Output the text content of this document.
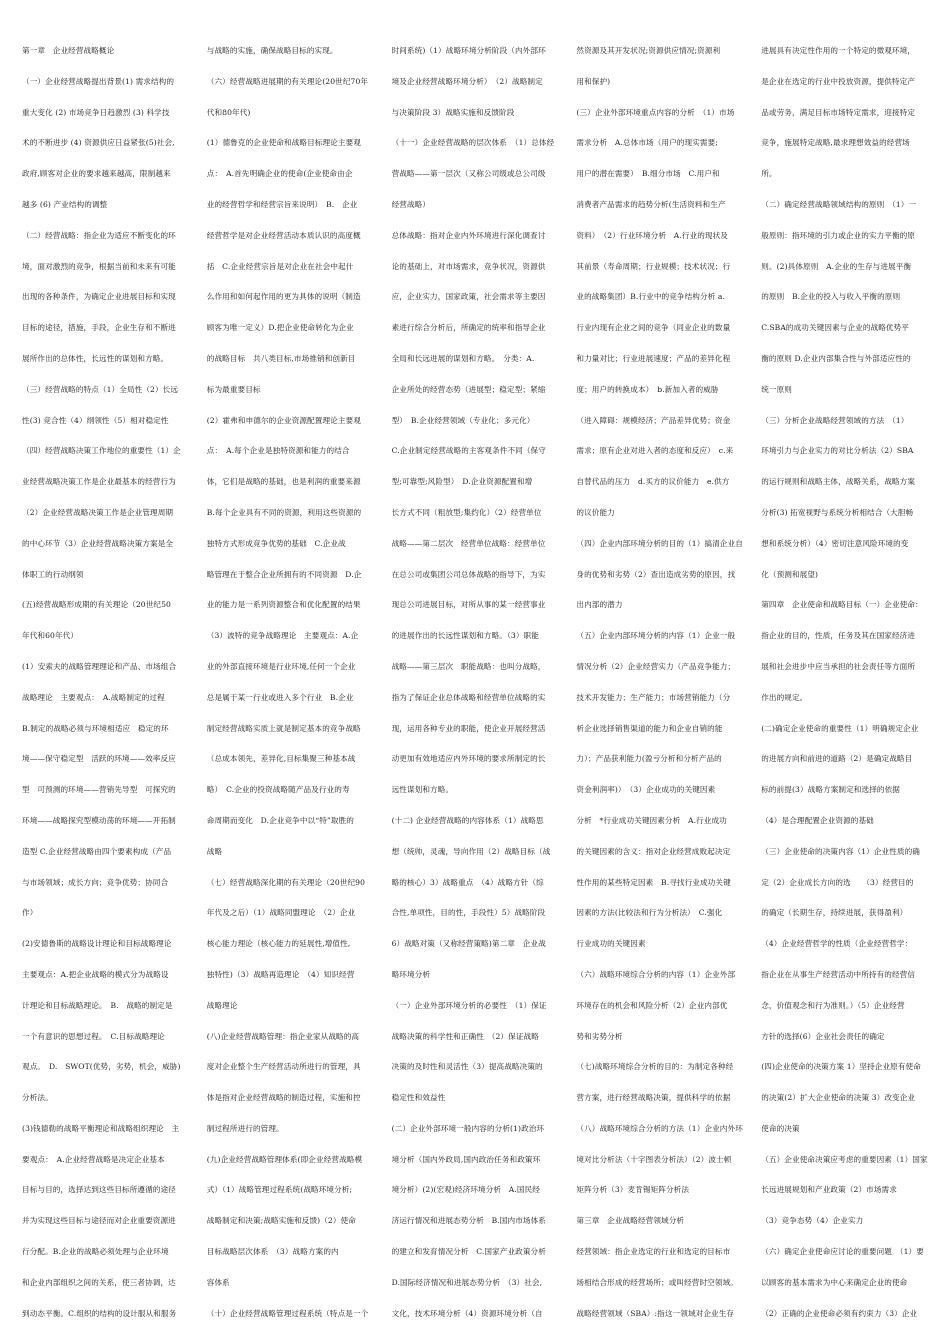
第一章　企业经营战略概论
（一）企业经营战略提出背景(1) 需求结构的
重大变化 (2) 市场竞争日趋激烈 (3) 科学技
术的不断进步 (4) 资源供应日益紧张(5)社会,
政府,顾客对企业的要求越来越高，限制越来
越多 (6) 产业结构的调整
（二）经营战略：指企业为适应不断变化的环
境，面对激烈的竞争，根据当前和未来有可能
出现的各种条件，为确定企业进展目标和实现
目标的途径，措施，手段，企业生存和不断进
展所作出的总体性，长远性的谋划和方略。
（三）经营战略的特点（1）全局性（2）长远
性(3) 竞合性（4）纲领性（5）相对稳定性
（四）经营战略决策工作地位的重要性（1）企
业经营战略决策工作是企业最基本的经营行为
（2）企业经营战略决策工作是企业管理周期
的中心环节（3）企业经营战略决策方案是全
体职工的行动纲领
(五)经营战略形成期的有关理论（20世纪50
年代和60年代）
(1）安索夫的战略管理理论和产品、市场组合
战略理论　主要观点：　A.战略制定的过程
B.制定的战略必须与环境相适应　稳定的环
境——保守稳定型　活跃的环境——效率反应
型　可预测的环境——营销先导型　可探究的
环境——战略探究型模动荡的环境——开拓制
造型 C.企业经营战略由四个要素构成（产品
与市场领域；成长方向；竞争优势；协同合
作）
(2)安德鲁斯的战略设计理论和目标战略理论
主要观点：A.把企业战略的模式分为战略设
计理论和目标战略理论。　B.　战略的制定是
一个有意识的思想过程。　C.目标战略理论
观点。　D.　SWOT(优势，劣势，机会，威胁)
分析法。
(3)钱德勒的战略平衡理论和战略组织理论　主
要观点：　A.企业经营战略是决定企业基本
目标与目的，选择达到这些目标所遵循的途径
并为实现这些目标与途径而对企业重要资源进
行分配。B.企业的战略必须处理与企业环境
和企业内部组织之间的关系，使三者协调，达
到动态平衡。C.组织的结构的设计服从和服务
与战略的实施，确保战略目标的实现。
（六）经营战略进展期的有关理论(20世纪70年
代和80年代)
(1）德鲁克的企业使命和战略目标理论主要观
点：　A.首先明确企业的使命(企业使命由企
业的经营哲学和经营宗旨来说明）　B.　企业
经营哲学是对企业经营活动本质认识的高度概
括　C.企业经营宗旨是对企业在社会中起什
么作用和如何起作用的更为具体的说明（制造
顾客为唯一定义）D.把企业使命转化为企业
的战略目标　共八类目标,市场推销和创新目
标为最重要目标
(2）霍弗和申德尔的企业资源配置理论主要观
点：　A.每个企业是独特资源和能力的结合
体，它们是战略的基础，也是利润的重要来源
B.每个企业具有不同的资源，利用这些资源的
独特方式形成竞争优势的基础　C.企业战
略管理在于整合企业所拥有的不同资源　D.企
业的能力是一系列资源整合和优化配置的结果
（3）波特的竞争战略理论　主要观点：A.企
业的外部直接环境是行业环境,任何一个企业
总是属于某一行业或进入多个行业　B.企业
制定经营战略实质上就是制定基本的竞争战略
（总成本领先，差异化,目标集聚三种基本战
略）　C.企业的投资战略随产品及行业的寿
命周期而变化　D.企业竞争中以“特”取胜的
战略
（七）经营战略深化期的有关理论（20世纪90
年代及之后）（1）战略同盟理论　（2）企业
核心能力理论（核心能力的延展性,增值性,
独特性)（3）战略再造理论　（4）知识经营
战略理论
(八)企业经营战略管理：指企业家从战略的高
度对企业整个生产经营活动所进行的管理，具
体是指对企业经营战略的制造过程，实施和控
制过程所进行的管理。
(九)企业经营战略管理体系(即企业经营战略模
式）（1）战略管理过程系统(战略环境分析;
战略制定和决策;战略实施和反馈)（2）使命
目标战略层次体系　（3）战略方案的内
容体系
（十）企业经营战略管理过程系统（特点是一个
时间系统)（1）战略环境分析阶段（内外部环
境及企业经营战略环境分析）　（2）战略制定
与决策阶段 3）战略实施和反馈阶段
（十一）企业经营战略的层次体系　（1）总体经
营战略——第一层次（又称公司级或总公司级
经营战略）
总体战略：指对企业内外环境进行深化调查讨
论的基础上，对市场需求，竞争状况，资源供
应，企业实力，国家政策，社会需求等主要因
素进行综合分析后，所确定的统率和指导企业
全局和长远进展的谋划和方略。　分类：A.
企业所处的经营态势（进展型；稳定型；紧缩
型）　B.企业经营领域（专业化；多元化）
C.企业制定经营战略的主客观条件不同（保守
型;可靠型;风险型）　D.企业资源配置和增
长方式不同（粗放型;集约化）（2）经营单位
战略——第二层次　经营单位战略：经营单位
在总公司或集团公司总体战略的指导下，为实
现总公司进展目标，对所从事的某一经营事业
的进展作出的长远性谋划和方略。（3）职能
战略——第三层次　职能战略：也叫分战略，
指为了保证企业总体战略和经营单位战略的实
现，运用各种专业的职能，使企业开展经营活
动更加有效地适应内外环境的要求所制定的长
远性谋划和方略。
(十二) 企业经营战略的内容体系（1）战略思
想（统帅，灵魂，导向作用（2）战略目标（战
略的核心）3）战略重点　（4）战略方针（综
合性,单项性，目的性，手段性）5）战略阶段
6）战略对策（又称经营策略)第二章　企业战
略环境分析
（一）企业外部环境分析的必要性　（1）保证
战略决策的科学性和正确性　（2）保证战略
决策的及时性和灵活性（3）提高战略决策的
稳定性和效益性
(二）企业外部环境一般内容的分析(1)政治环
境分析（国内外政局,国内政治任务和政策环
境分析）(2)(宏观)经济环境分析　A.国民经
济运行情况和进展态势分析　B.国内市场体系
的建立和发育情况分析　C.国家产业政策分析
D.国际经济情况和进展态势分析　（3）社会,
文化，技术环境分析（4）资源环境分析（自
然资源及其开发状况;资源供应情况;资源利
用和保护)
(三）企业外部环境重点内容的分析　（1）市场
需求分析　A.总体市场（用户的现实需要;
用户的潜在需要）　B.细分市场　C.用户和
消费者产品需求的趋势分析(生活资料和生产
资料）　（2）行业环境分析　A.行业的现状及
其前景（寿命周期；行业规模；技术状况；行
业的战略集团）B.行业中的竞争结构分析 a.
行业内现有企业之间的竞争（同业企业的数量
和力量对比；行业进展速度；产品的差异化程
度；用户的转换成本）　b.新加入者的威胁
（进入障碍：规模经济；产品差异优势；资金
需求；原有企业对进入者的态度和反应）　c.来
自替代品的压力　d.买方的议价能力　e.供方
的议价能力
（四）企业内部环境分析的目的（1）搞清企业自
身的优势和劣势（2）查出造成劣势的原因，找
出内部的潜力
（五）企业内部环境分析的内容（1）企业一般
情况分析（2）企业经营实力（产品竞争能力；
技术开发能力；生产能力；市场营销能力（分
析企业选择销售渠道的能力和企业自销的能
力）；产品获利能力(盈亏分析和分析产品的
资金利润率)）　（3）企业成功的关键因素
分析　*行业成功关键因素分析　A.行业成功
的关键因素的含义：指对企业经营成败起决定
性作用的某些特定因素　B.寻找行业成功关键
因素的方法(比较法和行为分析法）　C.强化
行业成功的关键因素
（六）战略环境综合分析的内容（1）企业外部
环境存在的机会和风险分析（2）企业内部优
势和劣势分析
（七)战略环境综合分析的目的：为制定各种经
营方案，进行经营战略决策，提供科学的依据
（八）战略环境综合分析的方法（1）企业内外环
境对比分析法（十字图表分析法）（2）波士顿
矩阵分析（3）麦肯锡矩阵分析法
第三章　企业战略经营领域分析
经营领域：指企业选定的行业和选定的目标市
场相结合形成的经营场所；或叫经营时空领域。
战略经营领域（SBA）:指这一领域对企业生存
进展具有决定性作用的一个特定的微观环境，
是企业在选定的行业中投放资源，提供特定产
品或劳务，满足目标市场特定需求，迎接特定
竞争，施展特定战略,最求理想效益的经营场
所。
（二）确定经营战略领域结构的原则　（1）一
般原则：指环境的引力或企业的实力平衡的原
则。(2)具体原则　A.企业的生存与进展平衡
的原则　B.企业的投入与收入平衡的原则
C.SBA的成功关键因素与企业的战略优势平
衡的原则 D.企业内部集合性与外部适应性的
统一原则
（三）分析企业战略经营领域的方法　（1）
环境引力与企业实力的对比分析法（2）SBA
的运行规则和战略主体，战略关系，战略方案
分析(3) 拓宽视野与系统分析相结合（大胆畅
想和系统分析）（4）密切注意风险环境的变
化（预测和展望)
第四章　企业使命和战略目标（一）企业使命：
指企业的目的，性质，任务及其在国家经济进
展和社会进步中应当承担的社会责任等方面所
作出的规定。
(二)确定企业使命的重要性（1）明确规定企业
的进展方向和前进的道路（2）是确定战略目
标的前提(3）战略方案制定和选择的依据
（4）是合理配置企业资源的基础
（三）企业使命的决策内容（1）企业性质的确
定（2）企业成长方向的选　　（3）经营目的
的确定（长期生存，持续进展，获得盈利）
（4）企业经营哲学的性质（企业经营哲学：
指企业在从事生产经营活动中所持有的经营信
念，价值观念和行为准则。）（5）企业经营
方针的选择(6）企业社会责任的确定
(四)企业使命的决策方案 1）坚持企业原有使命
的决策(2）扩大企业使命的决策 3）改变企业
使命的决策
（五）企业使命决策应考虑的重要因素（1）国家
长远进展规划和产业政策（2）市场需求
（3）竞争态势（4）企业实力
（六）确定企业使命应讨论的重要问题　（1）要
以顾客的基本需求为中心来确定企业的使命
（2）正确的企业使命必须有约束力（3）企业
